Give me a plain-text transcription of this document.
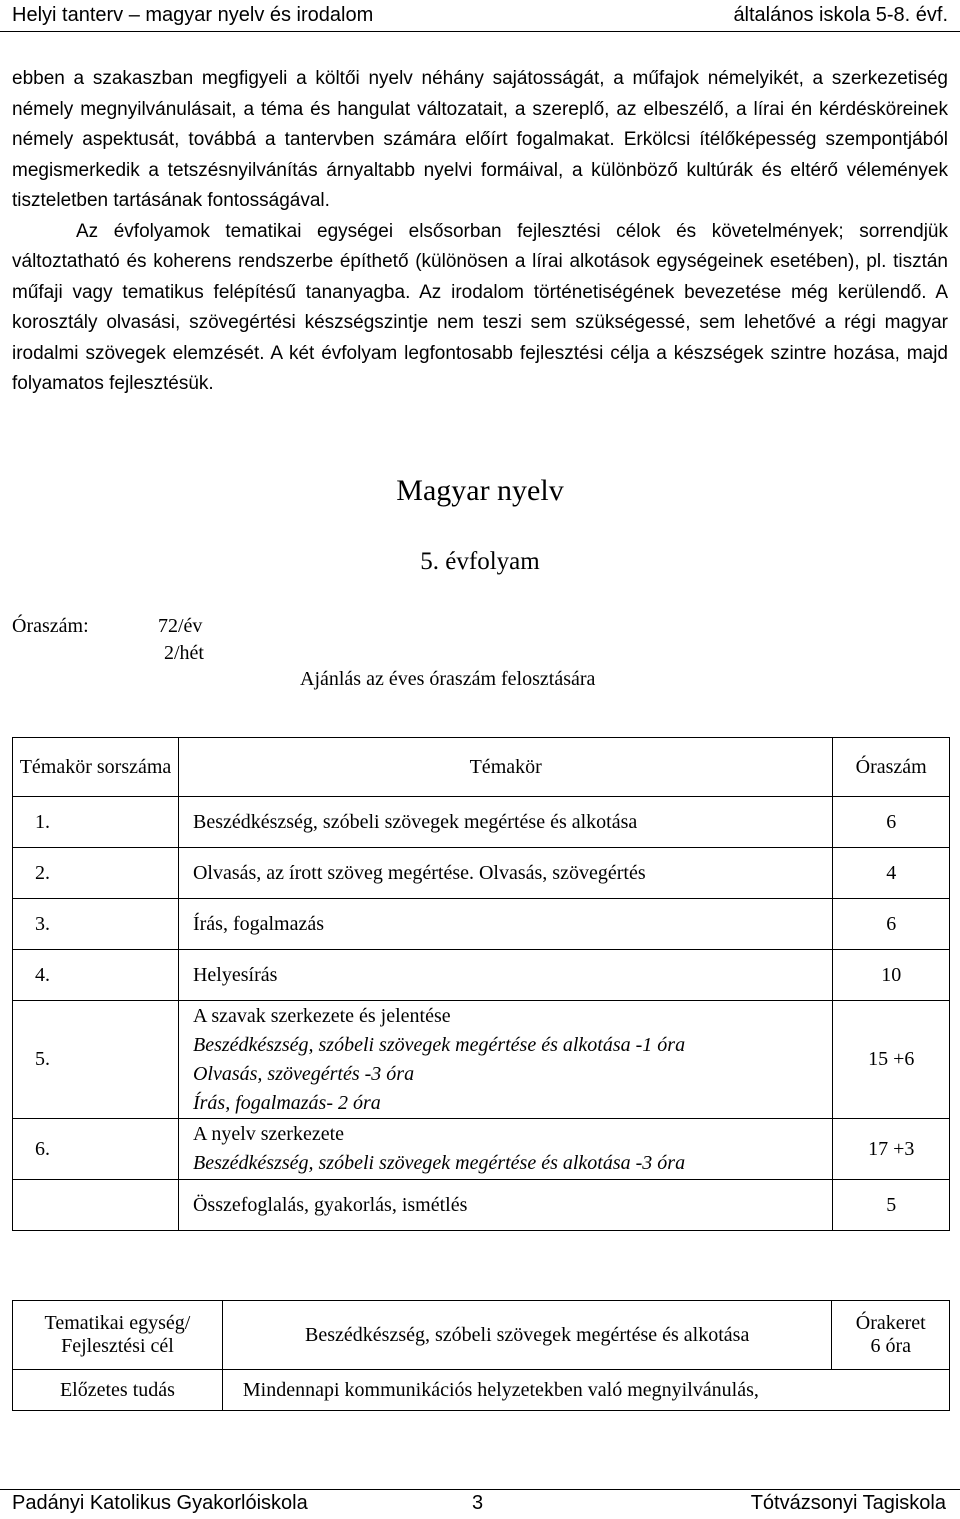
Helyi tanterv – magyar nyelv és irodalom	általános iskola 5-8. évf.

ebben a szakaszban megfigyeli a költői nyelv néhány sajátosságát, a műfajok némelyikét, a szerkezetiség némely megnyilvánulásait, a téma és hangulat változatait, a szereplő, az elbeszélő, a lírai én kérdésköreinek némely aspektusát, továbbá a tantervben számára előírt fogalmakat. Erkölcsi ítélőképesség szempontjából megismerkedik a tetszésnyilvánítás árnyaltabb nyelvi formáival, a különböző kultúrák és eltérő vélemények tiszteletben tartásának fontosságával.

Az évfolyamok tematikai egységei elsősorban fejlesztési célok és követelmények; sorrendjük változtatható és koherens rendszerbe építhető (különösen a lírai alkotások egységeinek esetében), pl. tisztán műfaji vagy tematikus felépítésű tananyagba. Az irodalom történetiségének bevezetése még kerülendő. A korosztály olvasási, szövegértési készségszintje nem teszi sem szükségessé, sem lehetővé a régi magyar irodalmi szövegek elemzését. A két évfolyam legfontosabb fejlesztési célja a készségek szintre hozása, majd folyamatos fejlesztésük.

Magyar nyelv
5. évfolyam
Óraszám:	72/év
2/hét
Ajánlás az éves óraszám felosztására
Témakör sorszáma	Témakör	Óraszám
1.	Beszédkészség, szóbeli szövegek megértése és alkotása	6
2.	Olvasás, az írott szöveg megértése. Olvasás, szövegértés	4
3.	Írás, fogalmazás	6
4.	Helyesírás	10
5.	A szavak szerkezete és jelentése
Beszédkészség, szóbeli szövegek megértése és alkotása -1 óra
Olvasás, szövegértés -3 óra
Írás, fogalmazás- 2 óra	15 +6
6.	A nyelv szerkezete
Beszédkészség, szóbeli szövegek megértése és alkotása -3 óra	17 +3
	Összefoglalás, gyakorlás, ismétlés	5
Tematikai egység/ Fejlesztési cél	Beszédkészség, szóbeli szövegek megértése és alkotása	Órakeret
6 óra

Előzetes tudás	Mindennapi kommunikációs helyzetekben való megnyilvánulás,	
Padányi Katolikus Gyakorlóiskola	3	Tótvázsonyi Tagiskola
